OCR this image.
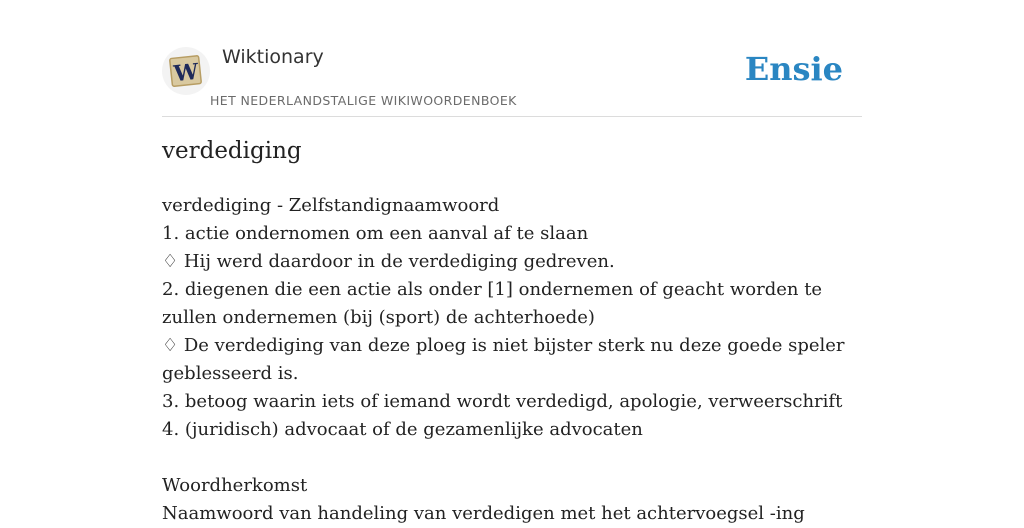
W
Wiktionary
HET NEDERLANDSTALIGE WIKIWOORDENBOEK
Ensie
verdediging

verdediging - Zelfstandignaamwoord

1. actie ondernomen om een aanval af te slaan

♢ Hij werd daardoor in de verdediging gedreven.

2. diegenen die een actie als onder [1] ondernemen of geacht worden te zullen ondernemen (bij (sport) de achterhoede)

♢ De verdediging van deze ploeg is niet bijster sterk nu deze goede speler geblesseerd is.

3. betoog waarin iets of iemand wordt verdedigd, apologie, verweerschrift

4. (juridisch) advocaat of de gezamenlijke advocaten

Woordherkomst

Naamwoord van handeling van verdedigen met het achtervoegsel -ing
